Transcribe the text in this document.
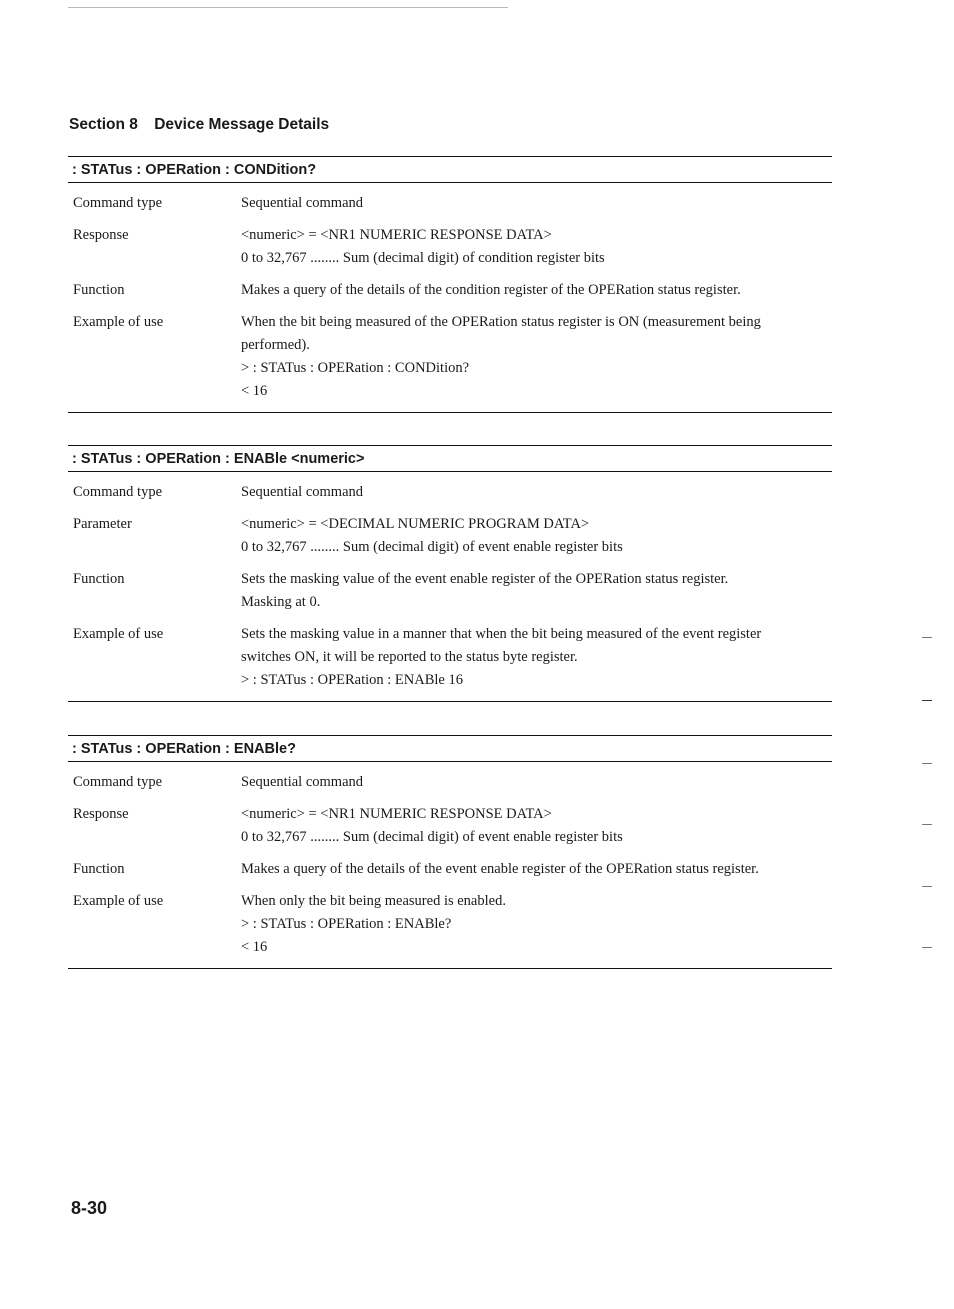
Section 8 Device Message Details
: STATus : OPERation : CONDition?
Command type	Sequential command
Response	<numeric> = <NR1 NUMERIC RESPONSE DATA>
0 to 32,767 ........ Sum (decimal digit) of condition register bits
Function	Makes a query of the details of the condition register of the OPERation status register.
Example of use	When the bit being measured of the OPERation status register is ON (measurement being
performed).
> : STATus : OPERation : CONDition?
< 16
: STATus : OPERation : ENABle <numeric>
Command type	Sequential command
Parameter	<numeric> = <DECIMAL NUMERIC PROGRAM DATA>
0 to 32,767 ........ Sum (decimal digit) of event enable register bits
Function	Sets the masking value of the event enable register of the OPERation status register.
Masking at 0.
Example of use	Sets the masking value in a manner that when the bit being measured of the event register
switches ON, it will be reported to the status byte register.
> : STATus : OPERation : ENABle 16
: STATus : OPERation : ENABle?
Command type	Sequential command
Response	<numeric> = <NR1 NUMERIC RESPONSE DATA>
0 to 32,767 ........ Sum (decimal digit) of event enable register bits
Function	Makes a query of the details of the event enable register of the OPERation status register.
Example of use	When only the bit being measured is enabled.
> : STATus : OPERation : ENABle?
< 16
8-30
